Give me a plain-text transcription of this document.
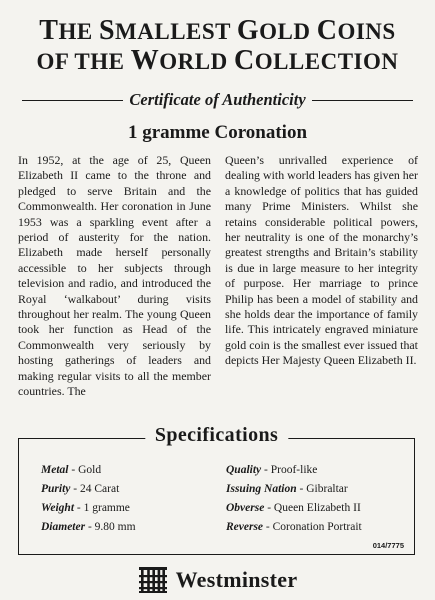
THE SMALLEST GOLD COINS
OF THE WORLD COLLECTION
Certificate of Authenticity
1 gramme Coronation

In 1952, at the age of 25, Queen Elizabeth II came to the throne and pledged to serve Britain and the Commonwealth. Her coronation in June 1953 was a sparkling event after a period of austerity for the nation. Elizabeth made herself personally accessible to her subjects through television and radio, and introduced the Royal ‘walkabout’ during visits throughout her realm. The young Queen took her function as Head of the Commonwealth very seriously by hosting gatherings of leaders and making regular visits to all the member countries. The

Queen’s unrivalled experience of dealing with world leaders has given her a knowledge of politics that has guided many Prime Ministers. Whilst she retains considerable political powers, her neutrality is one of the monarchy’s greatest strengths and Britain’s stability is due in large measure to her integrity of purpose. Her marriage to prince Philip has been a model of stability and she holds dear the importance of family life. This intricately engraved miniature gold coin is the smallest ever issued that depicts Her Majesty Queen Elizabeth II.

Specifications
Metal - Gold
Purity - 24 Carat
Weight - 1 gramme
Diameter - 9.80 mm
Quality - Proof-like
Issuing Nation - Gibraltar
Obverse - Queen Elizabeth II
Reverse - Coronation Portrait
014/7775
Westminster
